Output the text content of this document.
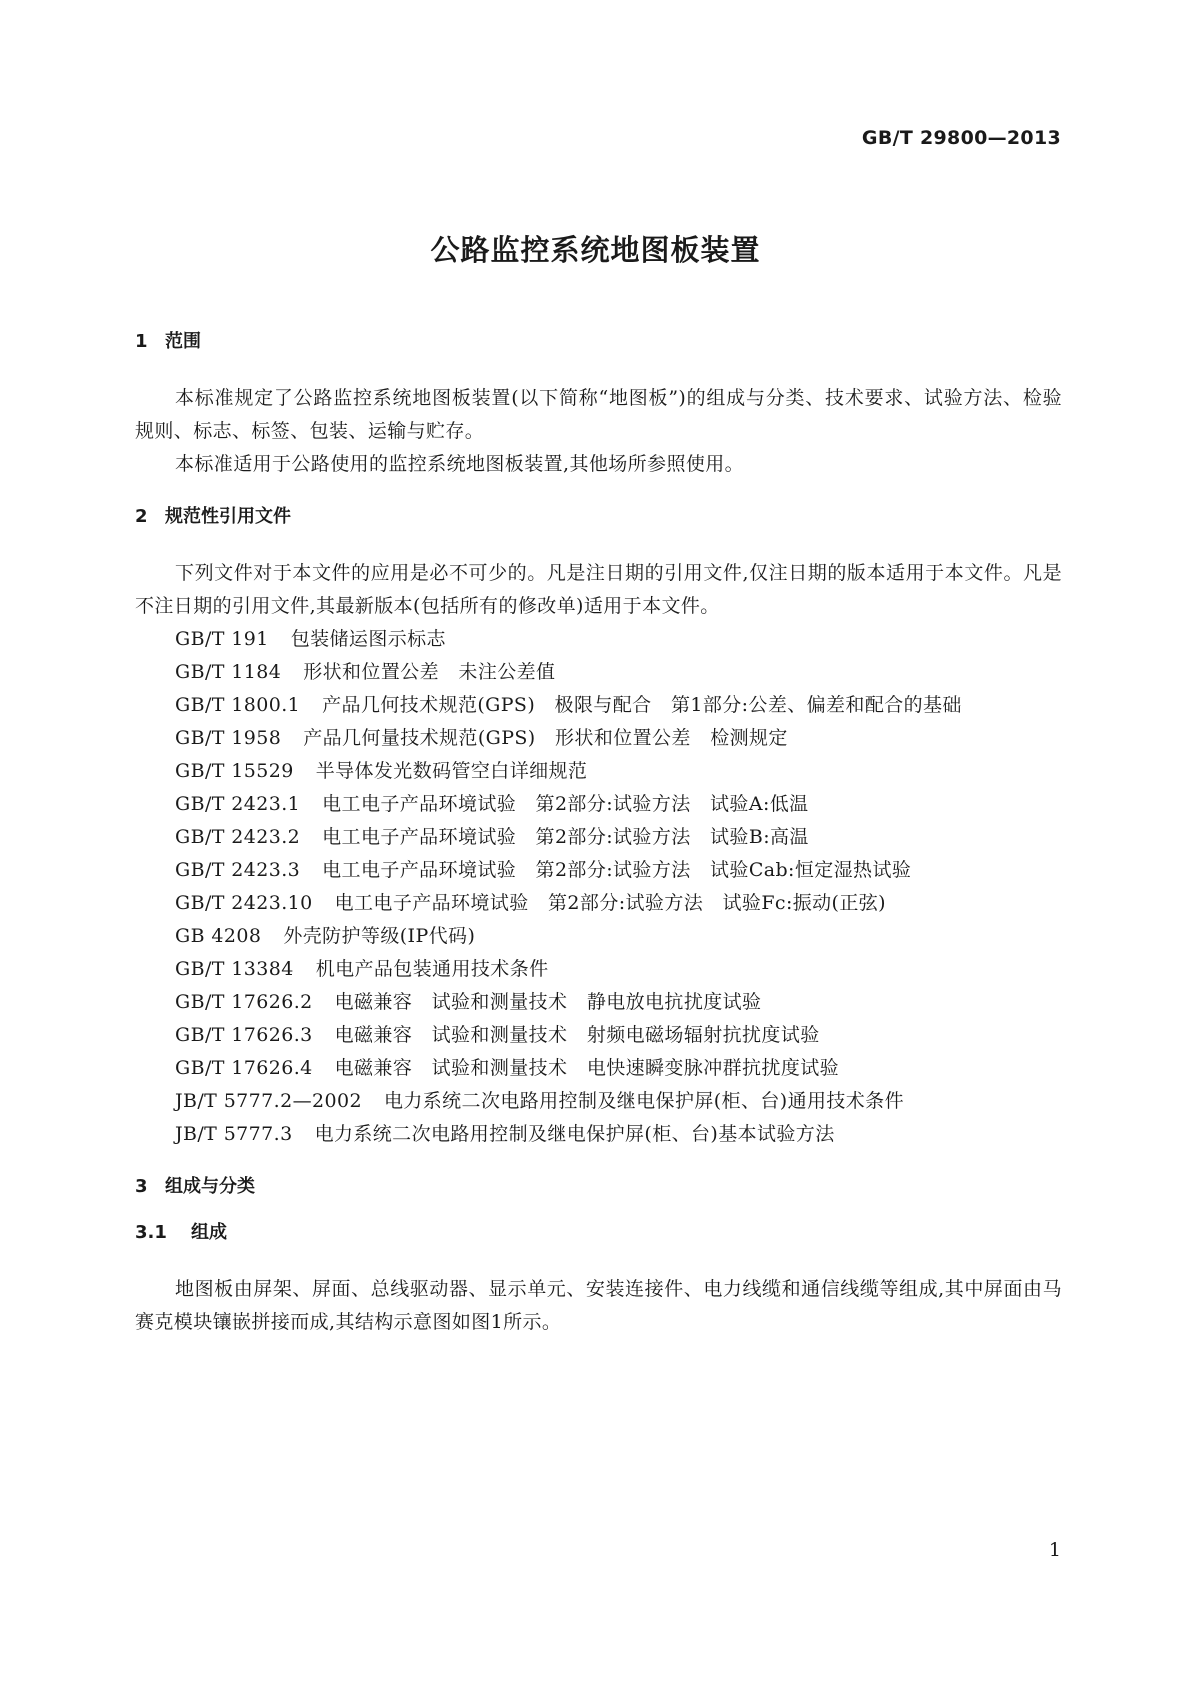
GB/T 29800—2013
公路监控系统地图板装置
1 范围

本标准规定了公路监控系统地图板装置(以下简称“地图板”)的组成与分类、技术要求、试验方法、检验规则、标志、标签、包装、运输与贮存。

本标准适用于公路使用的监控系统地图板装置,其他场所参照使用。

2 规范性引用文件

下列文件对于本文件的应用是必不可少的。凡是注日期的引用文件,仅注日期的版本适用于本文件。凡是不注日期的引用文件,其最新版本(包括所有的修改单)适用于本文件。

GB/T 191 包装储运图示标志
GB/T 1184 形状和位置公差　未注公差值
GB/T 1800.1 产品几何技术规范(GPS)　极限与配合　第1部分:公差、偏差和配合的基础
GB/T 1958 产品几何量技术规范(GPS)　形状和位置公差　检测规定
GB/T 15529 半导体发光数码管空白详细规范
GB/T 2423.1 电工电子产品环境试验　第2部分:试验方法　试验A:低温
GB/T 2423.2 电工电子产品环境试验　第2部分:试验方法　试验B:高温
GB/T 2423.3 电工电子产品环境试验　第2部分:试验方法　试验Cab:恒定湿热试验
GB/T 2423.10 电工电子产品环境试验　第2部分:试验方法　试验Fc:振动(正弦)
GB 4208 外壳防护等级(IP代码)
GB/T 13384 机电产品包装通用技术条件
GB/T 17626.2 电磁兼容　试验和测量技术　静电放电抗扰度试验
GB/T 17626.3 电磁兼容　试验和测量技术　射频电磁场辐射抗扰度试验
GB/T 17626.4 电磁兼容　试验和测量技术　电快速瞬变脉冲群抗扰度试验
JB/T 5777.2—2002 电力系统二次电路用控制及继电保护屏(柜、台)通用技术条件
JB/T 5777.3 电力系统二次电路用控制及继电保护屏(柜、台)基本试验方法
3 组成与分类
3.1	组成

地图板由屏架、屏面、总线驱动器、显示单元、安装连接件、电力线缆和通信线缆等组成,其中屏面由马赛克模块镶嵌拼接而成,其结构示意图如图1所示。

1
